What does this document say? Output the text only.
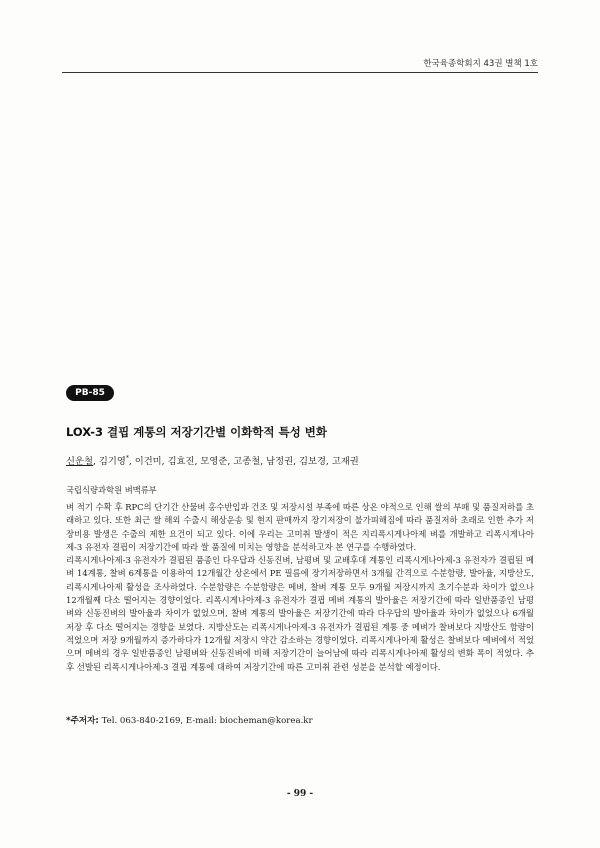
한국육종학회지 43권 별책 1호
PB-85
LOX-3 결핍 계통의 저장기간별 이화학적 특성 변화
신운철, 김기영*, 이건미, 김효진, 모영준, 고종철, 남정권, 김보경, 고재권
국립식량과학원 벼맥류부

벼 적기 수확 후 RPC의 단기간 산물벼 홍수반입과 건조 및 저장시설 부족에 따른 상온 야적으로 인해 쌀의 부패 및 품질저하를 초래하고 있다. 또한 최근 쌀 해외 수출시 해상운송 및 현지 판매까지 장기저장이 불가피해짐에 따라 품질저하 초래로 인한 추가 저장비용 발생은 수출의 제한 요건이 되고 있다. 이에 우리는 고미취 발생이 적은 지리폭시게나아제 벼를 개발하고 리폭시게나아제-3 유전자 결핍이 저장기간에 따라 쌀 품질에 미치는 영향을 분석하고자 본 연구를 수행하였다.

리폭시게나아제-3 유전자가 결핍된 품종인 다우답과 신동진벼, 남평벼 및 교배후대 계통인 리폭시게나아제-3 유전자가 결핍된 메벼 14계통, 찰벼 6계통을 이용하여 12개월간 상온에서 PE 필름에 장기저장하면서 3개월 간격으로 수분함량, 발아율, 지방산도, 리폭시게나아제 활성을 조사하였다. 수분함량은 수분함량은 메벼, 찰벼 계통 모두 9개월 저장시까지 초기수분과 차이가 없으나 12개월째 다소 떨어지는 경향이었다. 리폭시게나아제-3 유전자가 결핍 메벼 계통의 발아율은 저장기간에 따라 일반품종인 남평벼와 신동진벼의 발아율과 차이가 없었으며, 찰벼 계통의 발아율은 저장기간에 따라 다우답의 발아율과 차이가 없었으나 6개월 저장 후 다소 떨어지는 경향을 보였다. 지방산도는 리폭시게나아제-3 유전자가 결핍된 계통 중 메벼가 찰벼보다 지방산도 함량이 적었으며 저장 9개월까지 증가하다가 12개월 저장시 약간 감소하는 경향이었다. 리폭시게나아제 활성은 찰벼보다 메벼에서 적었으며 메벼의 경우 일반품종인 남평벼와 신동진벼에 비해 저장기간이 늘어남에 따라 리폭시게나아제 활성의 변화 폭이 적었다. 추후 선발된 리폭시게나아제-3 결핍 계통에 대하여 저장기간에 따른 고미취 관련 성분을 분석할 예정이다.

*주저자: Tel. 063-840-2169, E-mail: biocheman@korea.kr
- 99 -
